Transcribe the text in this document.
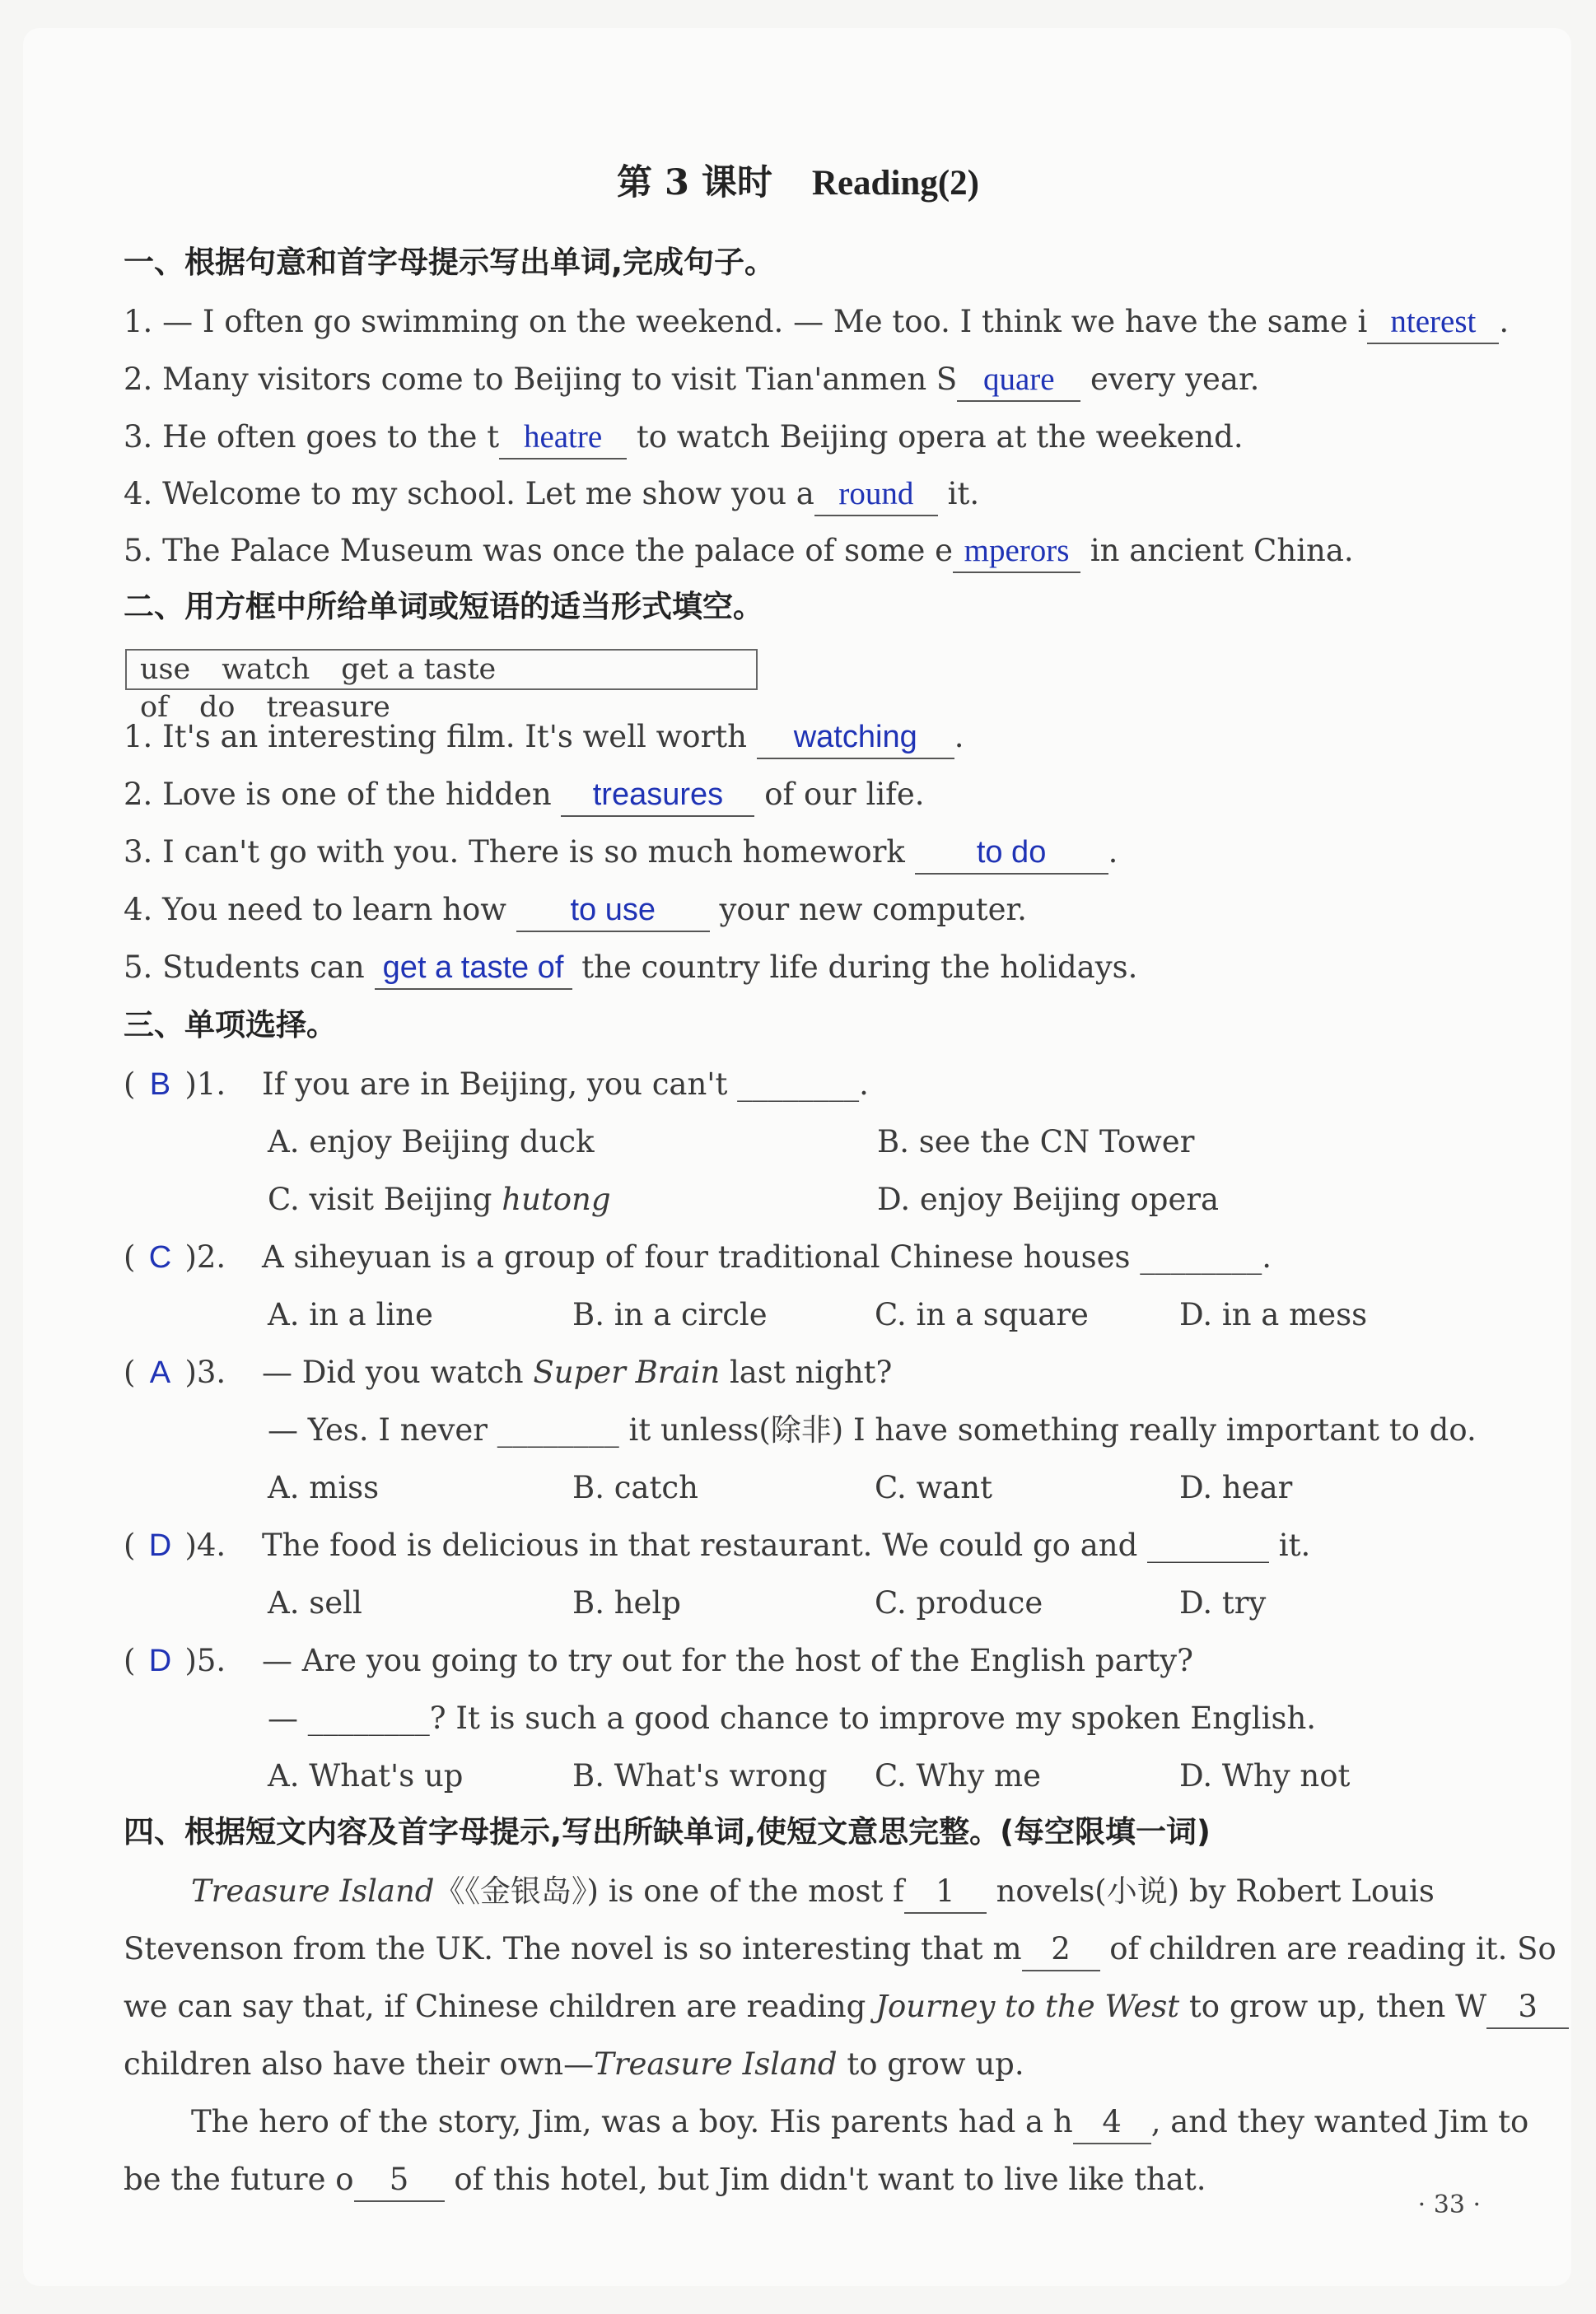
第 3 课时 Reading(2)
一、根据句意和首字母提示写出单词,完成句子。
1. — I often go swimming on the weekend. — Me too. I think we have the same i nterest .
2. Many visitors come to Beijing to visit Tian'anmen S quare every year.
3. He often goes to the t heatre to watch Beijing opera at the weekend.
4. Welcome to my school. Let me show you a round it.
5. The Palace Museum was once the palace of some e mperors in ancient China.
二、用方框中所给单词或短语的适当形式填空。
use watch get a taste of do treasure
1. It's an interesting film. It's well worth watching .
2. Love is one of the hidden treasures of our life.
3. I can't go with you. There is so much homework to do .
4. You need to learn how to use your new computer.
5. Students can get a taste of the country life during the holidays.
三、单项选择。
( B )1. If you are in Beijing, you can't ________.
A. enjoy Beijing duck	B. see the CN Tower
C. visit Beijing hutong	D. enjoy Beijing opera
( C )2. A siheyuan is a group of four traditional Chinese houses ________.
A. in a line	B. in a circle	C. in a square	D. in a mess
( A )3. — Did you watch Super Brain last night?
— Yes. I never ________ it unless(除非) I have something really important to do.
A. miss	B. catch	C. want	D. hear
( D )4. The food is delicious in that restaurant. We could go and ________ it.
A. sell	B. help	C. produce	D. try
( D )5. — Are you going to try out for the host of the English party?
— ________? It is such a good chance to improve my spoken English.
A. What's up	B. What's wrong C. Why me	D. Why not
四、根据短文内容及首字母提示,写出所缺单词,使短文意思完整。(每空限填一词)
Treasure Island《《金银岛》) is one of the most f 1 novels(小说) by Robert Louis
Stevenson from the UK. The novel is so interesting that m 2 of children are reading it. So
we can say that, if Chinese children are reading Journey to the West to grow up, then W 3
children also have their own—Treasure Island to grow up.
The hero of the story, Jim, was a boy. His parents had a h 4 , and they wanted Jim to
be the future o 5 of this hotel, but Jim didn't want to live like that.
· 33 ·
